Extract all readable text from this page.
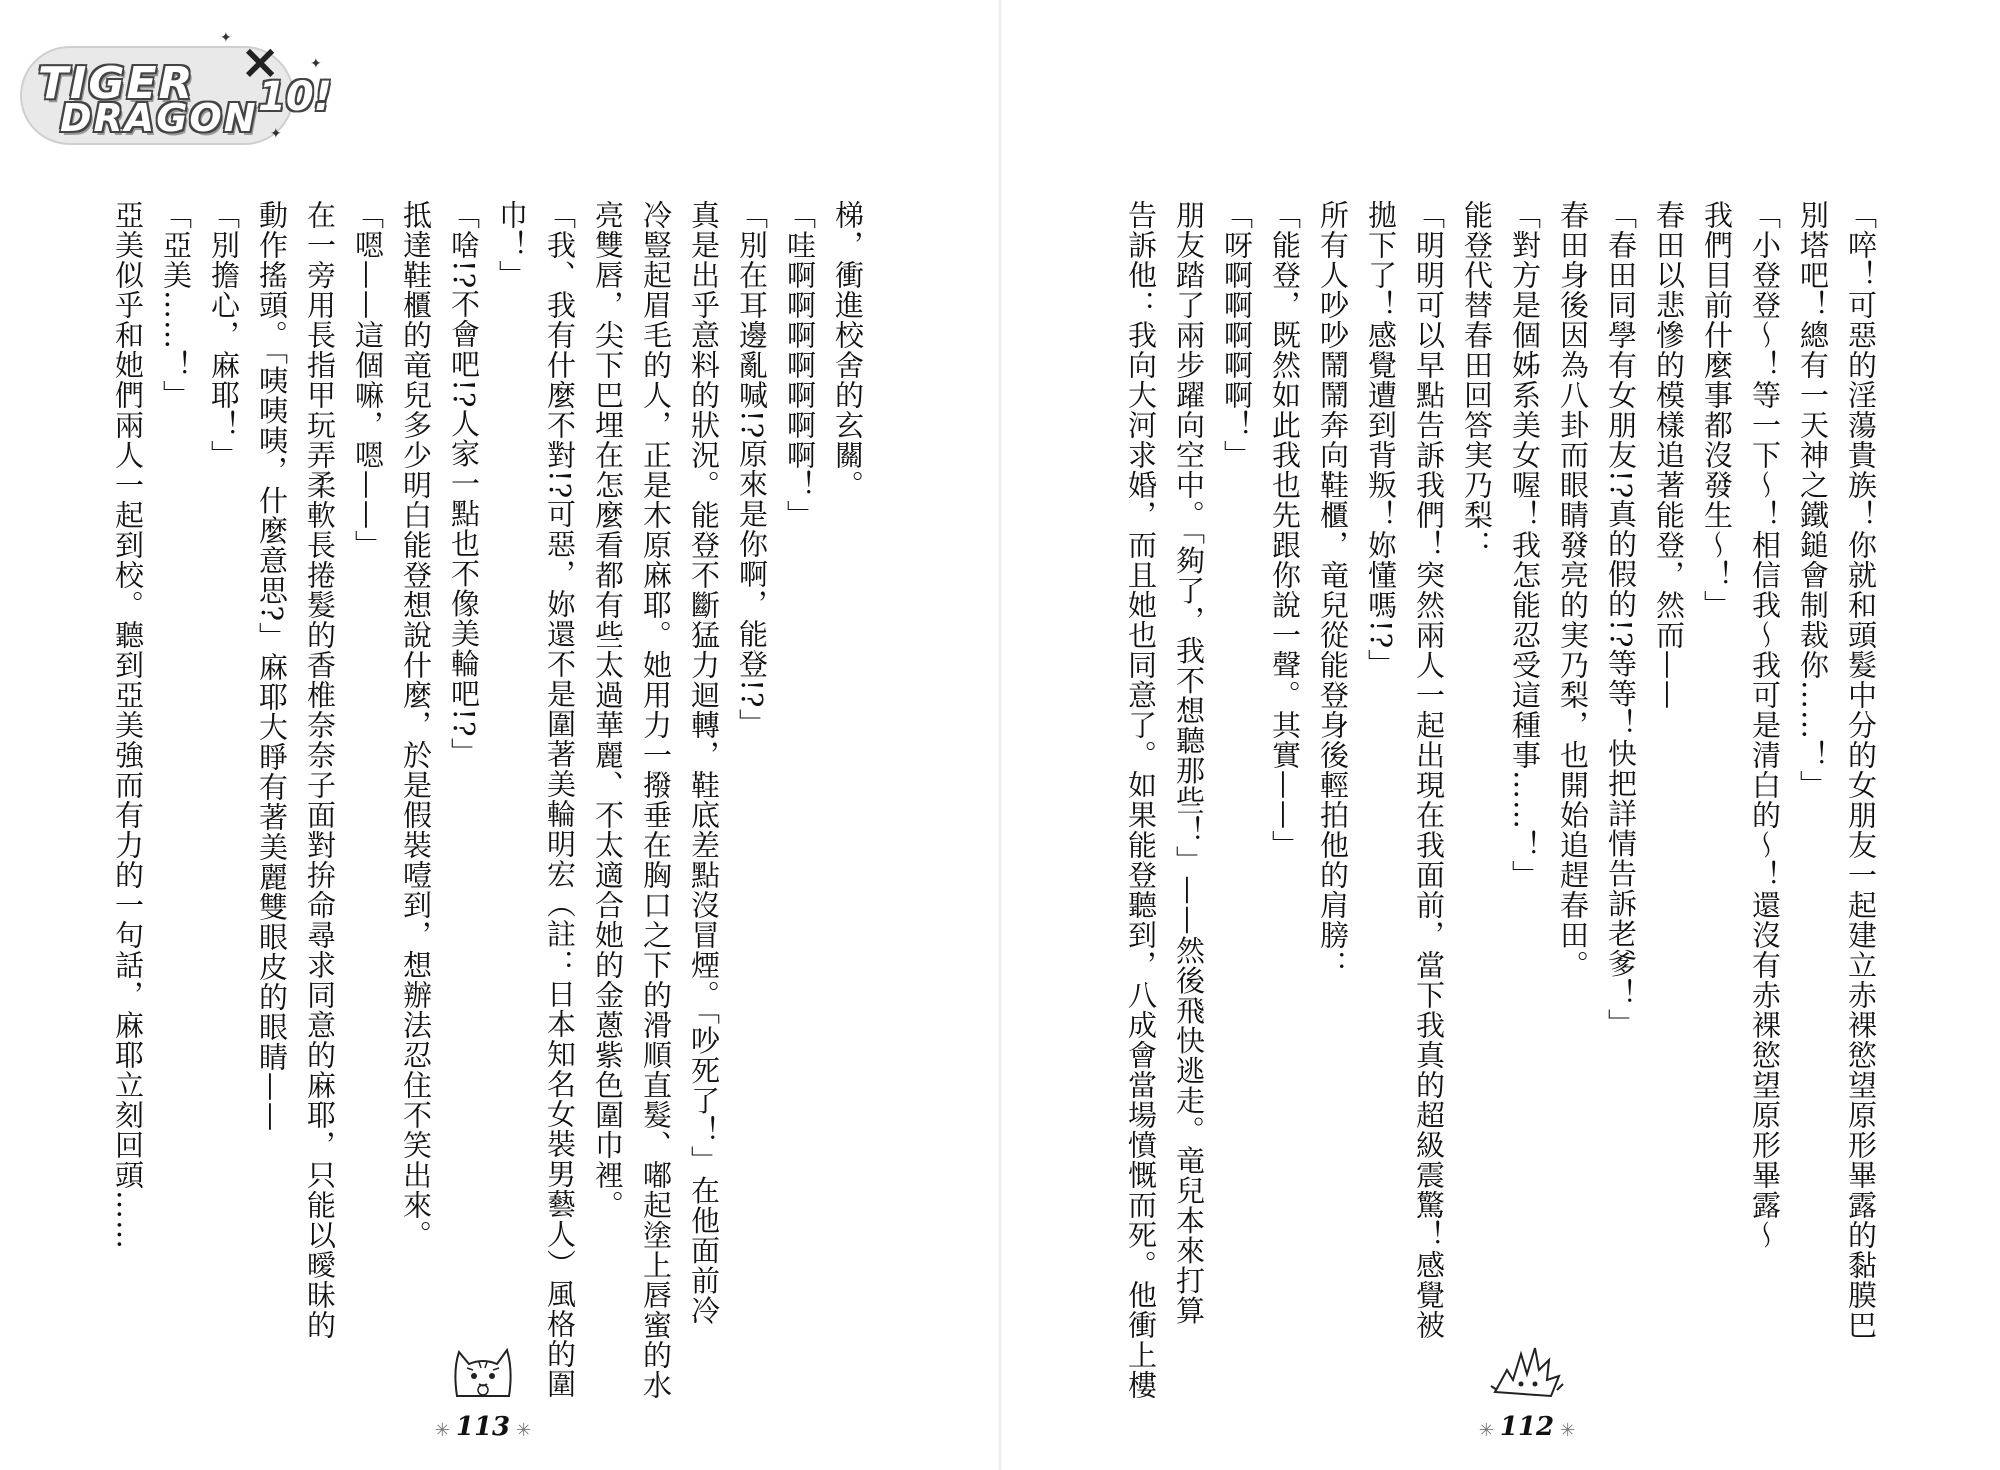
TIGER
DRAGON
×
10!
✦
✦
✦
梯，衝進校舍的玄關。
「哇啊啊啊啊啊啊啊！」
「別在耳邊亂喊!?原來是你啊，能登!?」
真是出乎意料的狀況。能登不斷猛力迴轉，鞋底差點沒冒煙。「吵死了！」在他面前冷
冷豎起眉毛的人，正是木原麻耶。她用力一撥垂在胸口之下的滑順直髮、嘟起塗上唇蜜的水
亮雙唇，尖下巴埋在怎麼看都有些太過華麗、不太適合她的金蔥紫色圍巾裡。
「我、我有什麼不對!?可惡，妳還不是圍著美輪明宏（註：日本知名女裝男藝人）風格的圍
巾！」
「啥!?不會吧!?人家一點也不像美輪吧!?」
抵達鞋櫃的竜兒多少明白能登想說什麼，於是假裝噎到，想辦法忍住不笑出來。
「嗯——這個嘛，嗯——」
在一旁用長指甲玩弄柔軟長捲髮的香椎奈奈子面對拚命尋求同意的麻耶，只能以曖昧的
動作搖頭。「咦咦咦，什麼意思?」麻耶大睜有著美麗雙眼皮的眼睛——
「別擔心，麻耶！」
「亞美……！」
亞美似乎和她們兩人一起到校。聽到亞美強而有力的一句話，麻耶立刻回頭……
✳ 113 ✳
「啐！可惡的淫蕩貴族！你就和頭髮中分的女朋友一起建立赤裸慾望原形畢露的黏膜巴
別塔吧！總有一天神之鐵鎚會制裁你……！」
「小登登～！等一下～！相信我～我可是清白的～！還沒有赤裸慾望原形畢露～
我們目前什麼事都沒發生～！」
春田以悲慘的模樣追著能登，然而——
「春田同學有女朋友!?真的假的!?等等！快把詳情告訴老爹！」
春田身後因為八卦而眼睛發亮的実乃梨，也開始追趕春田。
「對方是個姊系美女喔！我怎能忍受這種事……！」
能登代替春田回答実乃梨：
「明明可以早點告訴我們！突然兩人一起出現在我面前，當下我真的超級震驚！感覺被
拋下了！感覺遭到背叛！妳懂嗎!?」
所有人吵吵鬧鬧奔向鞋櫃，竜兒從能登身後輕拍他的肩膀：
「能登，既然如此我也先跟你說一聲。其實——」
「呀啊啊啊啊啊！」
朋友踏了兩步躍向空中。「夠了，我不想聽那些！」——然後飛快逃走。竜兒本來打算
告訴他：我向大河求婚，而且她也同意了。如果能登聽到，八成會當場憤慨而死。他衝上樓
✳ 112 ✳
